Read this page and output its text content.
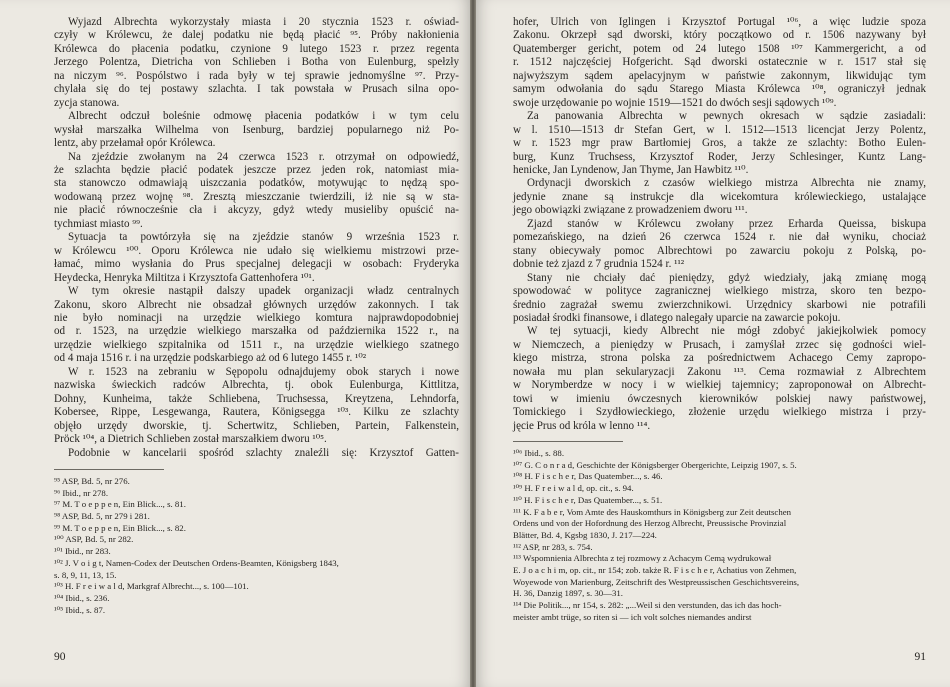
Wyjazd Albrechta wykorzystały miasta i 20 stycznia 1523 r. oświad-
czyły w Królewcu, że dalej podatku nie będą płacić ⁹⁵. Próby nakłonienia
Królewca do płacenia podatku, czynione 9 lutego 1523 r. przez regenta
Jerzego Polentza, Dietricha von Schlieben i Botha von Eulenburg, spełzły
na niczym ⁹⁶. Pospólstwo i rada były w tej sprawie jednomyślne ⁹⁷. Przy-
chylała się do tej postawy szlachta. I tak powstała w Prusach silna opo-
zycja stanowa.
Albrecht odczuł boleśnie odmowę płacenia podatków i w tym celu
wysłał marszałka Wilhelma von Isenburg, bardziej popularnego niż Po-
lentz, aby przełamał opór Królewca.
Na zjeździe zwołanym na 24 czerwca 1523 r. otrzymał on odpowiedź,
że szlachta będzie płacić podatek jeszcze przez jeden rok, natomiast mia-
sta stanowczo odmawiają uiszczania podatków, motywując to nędzą spo-
wodowaną przez wojnę ⁹⁸. Zresztą mieszczanie twierdzili, iż nie są w sta-
nie płacić równocześnie cła i akcyzy, gdyż wtedy musieliby opuścić na-
tychmiast miasto ⁹⁹.
Sytuacja ta powtórzyła się na zjeździe stanów 9 września 1523 r.
w Królewcu ¹⁰⁰. Oporu Królewca nie udało się wielkiemu mistrzowi prze-
łamać, mimo wysłania do Prus specjalnej delegacji w osobach: Fryderyka
Heydecka, Henryka Miltitza i Krzysztofa Gattenhofera ¹⁰¹.
W tym okresie nastąpił dalszy upadek organizacji władz centralnych
Zakonu, skoro Albrecht nie obsadzał głównych urzędów zakonnych. I tak
nie było nominacji na urzędzie wielkiego komtura najprawdopodobniej
od r. 1523, na urzędzie wielkiego marszałka od października 1522 r., na
urzędzie wielkiego szpitalnika od 1511 r., na urzędzie wielkiego szatnego
od 4 maja 1516 r. i na urzędzie podskarbiego aż od 6 lutego 1455 r. ¹⁰²
W r. 1523 na zebraniu w Sępopolu odnajdujemy obok starych i nowe
nazwiska świeckich radców Albrechta, tj. obok Eulenburga, Kittlitza,
Dohny, Kunheima, także Schliebena, Truchsessa, Kreytzena, Lehndorfa,
Kobersee, Rippe, Lesgewanga, Rautera, Königsegga ¹⁰³. Kilku ze szlachty
objęło urzędy dworskie, tj. Schertwitz, Schlieben, Partein, Falkenstein,
Pröck ¹⁰⁴, a Dietrich Schlieben został marszałkiem dworu ¹⁰⁵.
Podobnie w kancelarii spośród szlachty znaleźli się: Krzysztof Gatten-
⁹⁵ ASP, Bd. 5, nr 276.
⁹⁶ Ibid., nr 278.
⁹⁷ M. T o e p p e n, Ein Blick..., s. 81.
⁹⁸ ASP, Bd. 5, nr 279 i 281.
⁹⁹ M. T o e p p e n, Ein Blick..., s. 82.
¹⁰⁰ ASP, Bd. 5, nr 282.
¹⁰¹ Ibid., nr 283.
¹⁰² J. V o i g t, Namen-Codex der Deutschen Ordens-Beamten, Königsberg 1843,
s. 8, 9, 11, 13, 15.
¹⁰³ H. F r e i w a l d, Markgraf Albrecht..., s. 100—101.
¹⁰⁴ Ibid., s. 236.
¹⁰⁵ Ibid., s. 87.
90
hofer, Ulrich von Iglingen i Krzysztof Portugal ¹⁰⁶, a więc ludzie spoza
Zakonu. Okrzepł sąd dworski, który początkowo od r. 1506 nazywany był
Quatemberger gericht, potem od 24 lutego 1508 ¹⁰⁷ Kammergericht, a od
r. 1512 najczęściej Hofgericht. Sąd dworski ostatecznie w r. 1517 stał się
najwyższym sądem apelacyjnym w państwie zakonnym, likwidując tym
samym odwołania do sądu Starego Miasta Królewca ¹⁰⁸, ograniczył jednak
swoje urzędowanie po wojnie 1519—1521 do dwóch sesji sądowych ¹⁰⁹.
Za panowania Albrechta w pewnych okresach w sądzie zasiadali:
w l. 1510—1513 dr Stefan Gert, w l. 1512—1513 licencjat Jerzy Polentz,
w r. 1523 mgr praw Bartłomiej Gros, a także ze szlachty: Botho Eulen-
burg, Kunz Truchsess, Krzysztof Roder, Jerzy Schlesinger, Kuntz Lang-
henicke, Jan Lyndenow, Jan Thyme, Jan Hawbitz ¹¹⁰.
Ordynacji dworskich z czasów wielkiego mistrza Albrechta nie znamy,
jedynie znane są instrukcje dla wicekomtura królewieckiego, ustalające
jego obowiązki związane z prowadzeniem dworu ¹¹¹.
Zjazd stanów w Królewcu zwołany przez Erharda Queissa, biskupa
pomezańskiego, na dzień 26 czerwca 1524 r. nie dał wyniku, chociaż
stany obiecywały pomoc Albrechtowi po zawarciu pokoju z Polską, po-
dobnie też zjazd z 7 grudnia 1524 r. ¹¹²
Stany nie chciały dać pieniędzy, gdyż wiedziały, jaką zmianę mogą
spowodować w polityce zagranicznej wielkiego mistrza, skoro ten bezpo-
średnio zagrażał swemu zwierzchnikowi. Urzędnicy skarbowi nie potrafili
posiadał środki finansowe, i dlatego nalegały uparcie na zawarcie pokoju.
W tej sytuacji, kiedy Albrecht nie mógł zdobyć jakiejkolwiek pomocy
w Niemczech, a pieniędzy w Prusach, i zamyślał zrzec się godności wiel-
kiego mistrza, strona polska za pośrednictwem Achacego Cemy zapropo-
nowała mu plan sekularyzacji Zakonu ¹¹³. Cema rozmawiał z Albrechtem
w Norymberdze w nocy i w wielkiej tajemnicy; zaproponował on Albrecht-
towi w imieniu ówczesnych kierowników polskiej nawy państwowej,
Tomickiego i Szydłowieckiego, złożenie urzędu wielkiego mistrza i przy-
jęcie Prus od króla w lenno ¹¹⁴.
¹⁰⁶ Ibid., s. 88.
¹⁰⁷ G. C o n r a d, Geschichte der Königsberger Obergerichte, Leipzig 1907, s. 5.
¹⁰⁸ H. F i s c h e r, Das Quatember..., s. 46.
¹⁰⁹ H. F r e i w a l d, op. cit., s. 94.
¹¹⁰ H. F i s c h e r, Das Quatember..., s. 51.
¹¹¹ K. F a b e r, Vom Amte des Hauskomthurs in Königsberg zur Zeit deutschen
Ordens und von der Hofordnung des Herzog Albrecht, Preussische Provinzial
Blätter, Bd. 4, Kgsbg 1830, J. 217—224.
¹¹² ASP, nr 283, s. 754.
¹¹³ Wspomnienia Albrechta z tej rozmowy z Achacym Cemą wydrukował
E. J o a c h i m, op. cit., nr 154; zob. także R. F i s c h e r, Achatius von Zehmen,
Woyewode von Marienburg, Zeitschrift des Westpreussischen Geschichtsvereins,
H. 36, Danzig 1897, s. 30—31.
¹¹⁴ Die Politik..., nr 154, s. 282: „...Weil si den verstunden, das ich das hoch-
meister ambt trüge, so riten si — ich volt solches niemandes andirst
91
